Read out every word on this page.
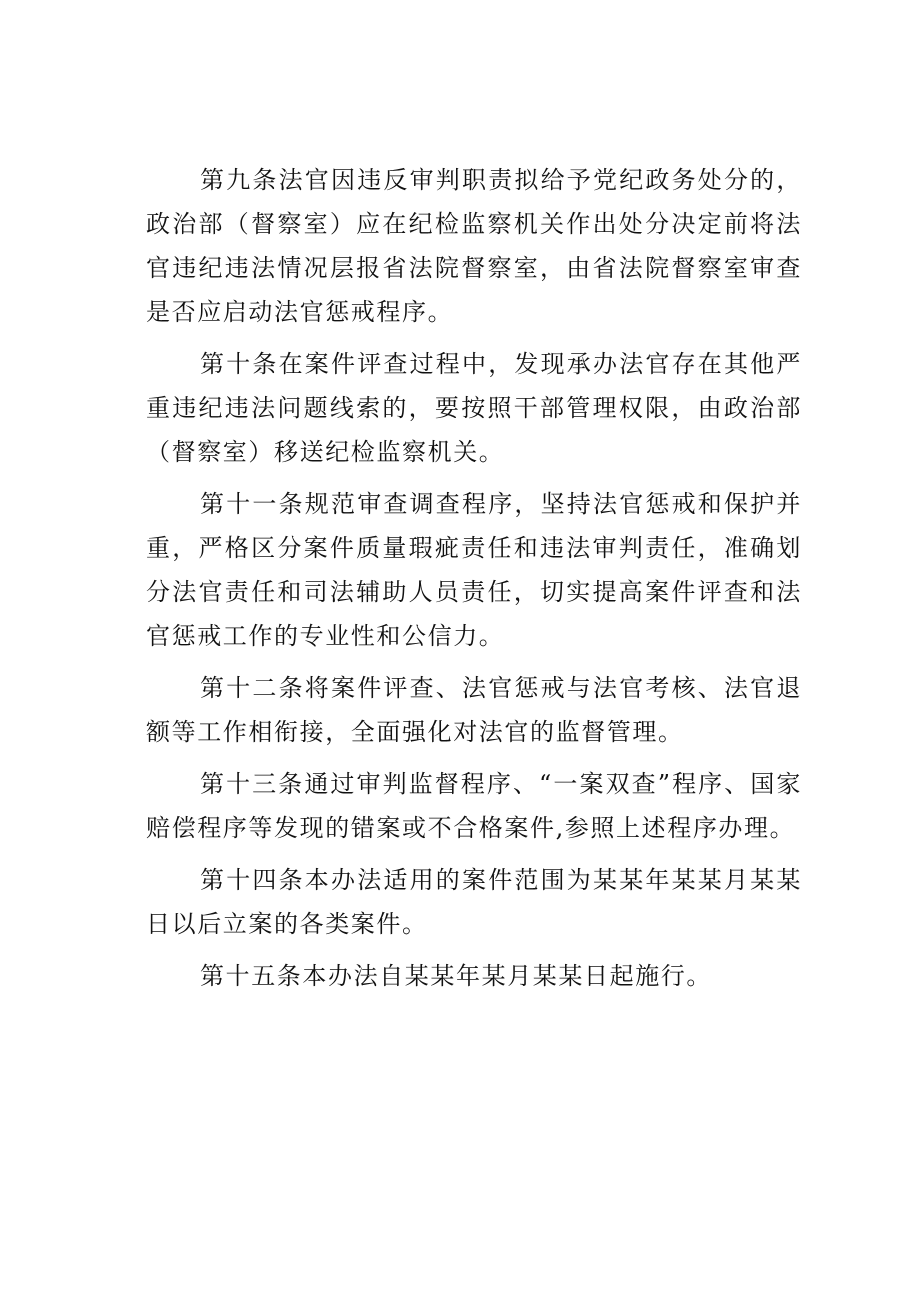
第九条法官因违反审判职责拟给予党纪政务处分的，政治部（督察室）应在纪检监察机关作出处分决定前将法官违纪违法情况层报省法院督察室，由省法院督察室审查是否应启动法官惩戒程序。

第十条在案件评查过程中，发现承办法官存在其他严重违纪违法问题线索的，要按照干部管理权限，由政治部（督察室）移送纪检监察机关。

第十一条规范审查调查程序，坚持法官惩戒和保护并重，严格区分案件质量瑕疵责任和违法审判责任，准确划分法官责任和司法辅助人员责任，切实提高案件评查和法官惩戒工作的专业性和公信力。

第十二条将案件评查、法官惩戒与法官考核、法官退额等工作相衔接，全面强化对法官的监督管理。

第十三条通过审判监督程序、“一案双查”程序、国家赔偿程序等发现的错案或不合格案件,参照上述程序办理。

第十四条本办法适用的案件范围为某某年某某月某某日以后立案的各类案件。

第十五条本办法自某某年某月某某日起施行。
